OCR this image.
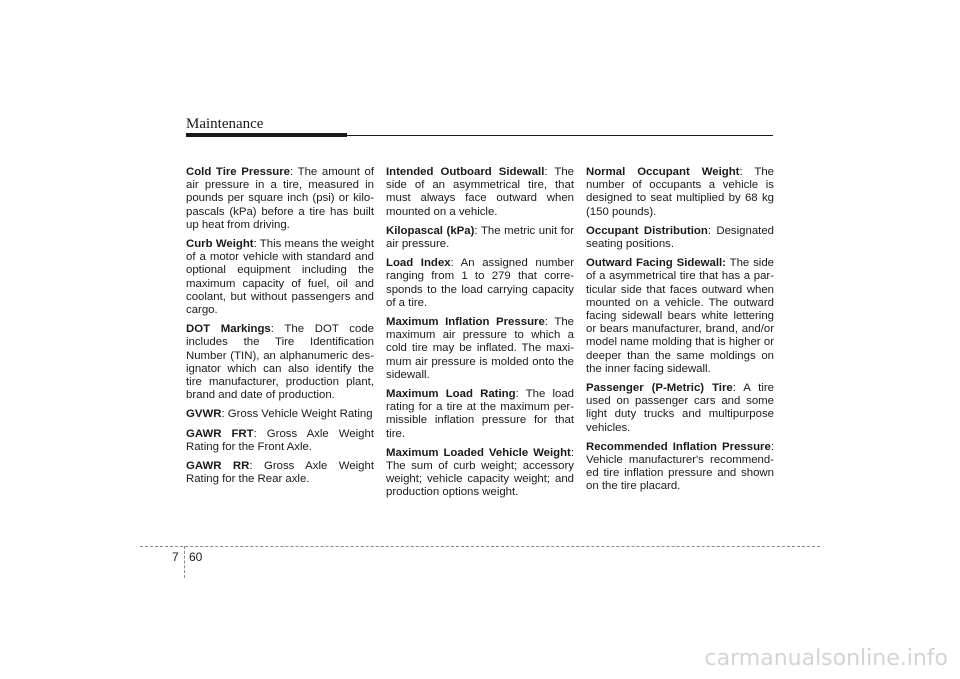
Maintenance

Cold Tire Pressure: The amount of air pressure in a tire, measured in pounds per square inch (psi) or kilo-pascals (kPa) before a tire has built up heat from driving.

Curb Weight: This means the weight of a motor vehicle with standard and optional equipment including the maximum capacity of fuel, oil and coolant, but without passengers and cargo.

DOT Markings: The DOT code includes the Tire Identification Number (TIN), an alphanumeric des-ignator which can also identify the tire manufacturer, production plant, brand and date of production.

GVWR: Gross Vehicle Weight Rating

GAWR FRT: Gross Axle Weight Rating for the Front Axle.

GAWR RR: Gross Axle Weight Rating for the Rear axle.

Intended Outboard Sidewall: The side of an asymmetrical tire, that must always face outward when mounted on a vehicle.

Kilopascal (kPa): The metric unit for air pressure.

Load Index: An assigned number ranging from 1 to 279 that corre-sponds to the load carrying capacity of a tire.

Maximum Inflation Pressure: The maximum air pressure to which a cold tire may be inflated. The maxi-mum air pressure is molded onto the sidewall.

Maximum Load Rating: The load rating for a tire at the maximum per-missible inflation pressure for that tire.

Maximum Loaded Vehicle Weight: The sum of curb weight; accessory weight; vehicle capacity weight; and production options weight.

Normal Occupant Weight: The number of occupants a vehicle is designed to seat multiplied by 68 kg (150 pounds).

Occupant Distribution: Designated seating positions.

Outward Facing Sidewall: The side of a asymmetrical tire that has a par-ticular side that faces outward when mounted on a vehicle. The outward facing sidewall bears white lettering or bears manufacturer, brand, and/or model name molding that is higher or deeper than the same moldings on the inner facing sidewall.

Passenger (P-Metric) Tire: A tire used on passenger cars and some light duty trucks and multipurpose vehicles.

Recommended Inflation Pressure: Vehicle manufacturer's recommend-ed tire inflation pressure and shown on the tire placard.

7 60
carmanualsonline.info
